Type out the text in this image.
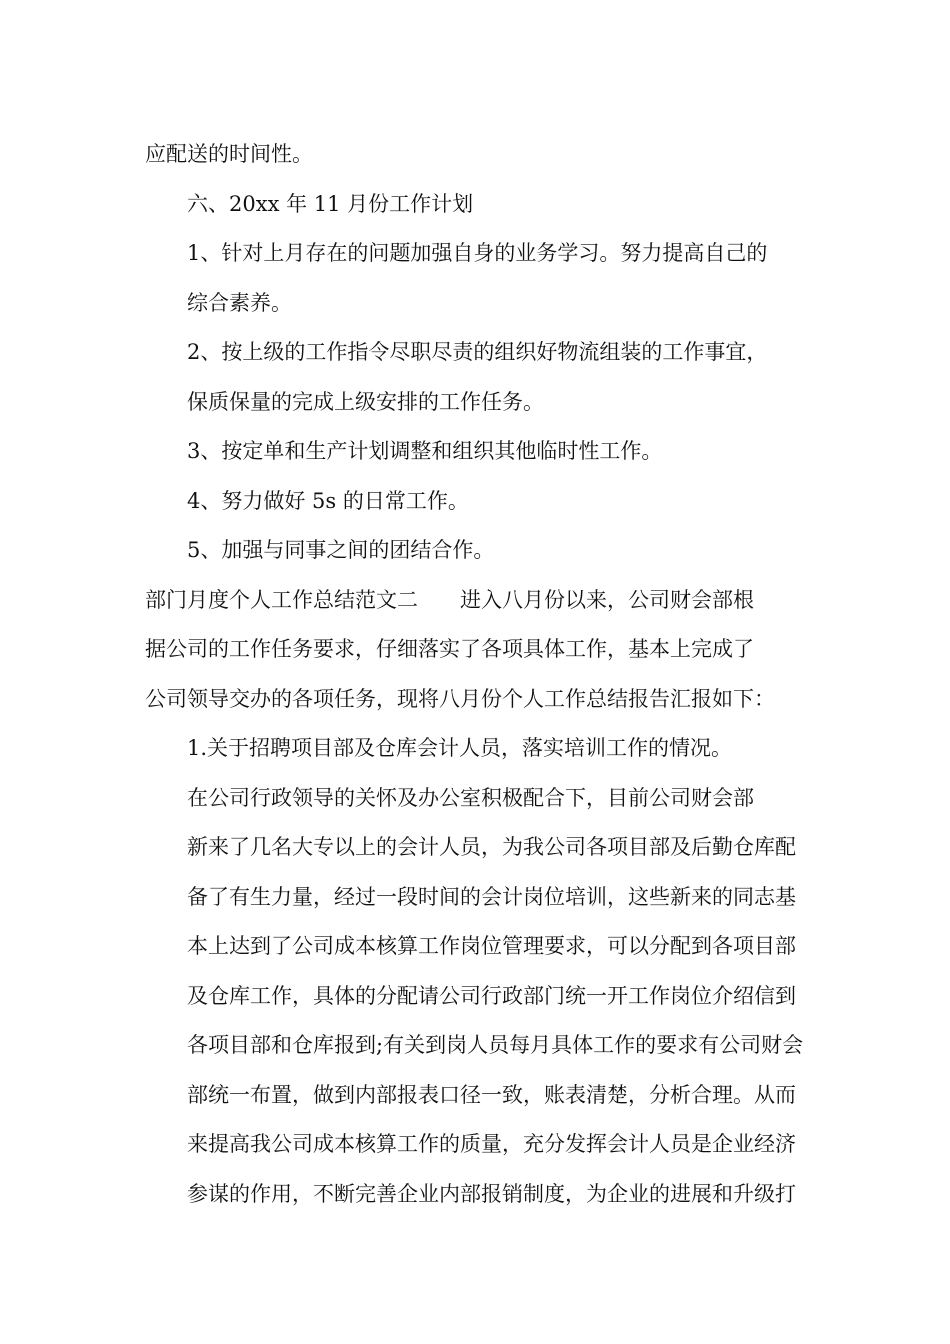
应配送的时间性。

六、20xx 年 11 月份工作计划

1、针对上月存在的问题加强自身的业务学习。努力提高自己的
综合素养。

2、按上级的工作指令尽职尽责的组织好物流组装的工作事宜，
保质保量的完成上级安排的工作任务。

3、按定单和生产计划调整和组织其他临时性工作。

4、努力做好 5s 的日常工作。

5、加强与同事之间的团结合作。

部门月度个人工作总结范文二　　进入八月份以来，公司财会部根
据公司的工作任务要求，仔细落实了各项具体工作，基本上完成了
公司领导交办的各项任务，现将八月份个人工作总结报告汇报如下：

1.关于招聘项目部及仓库会计人员，落实培训工作的情况。

在公司行政领导的关怀及办公室积极配合下，目前公司财会部
新来了几名大专以上的会计人员，为我公司各项目部及后勤仓库配
备了有生力量，经过一段时间的会计岗位培训，这些新来的同志基
本上达到了公司成本核算工作岗位管理要求，可以分配到各项目部
及仓库工作，具体的分配请公司行政部门统一开工作岗位介绍信到
各项目部和仓库报到;有关到岗人员每月具体工作的要求有公司财会
部统一布置，做到内部报表口径一致，账表清楚，分析合理。从而
来提高我公司成本核算工作的质量，充分发挥会计人员是企业经济
参谋的作用，不断完善企业内部报销制度，为企业的进展和升级打
